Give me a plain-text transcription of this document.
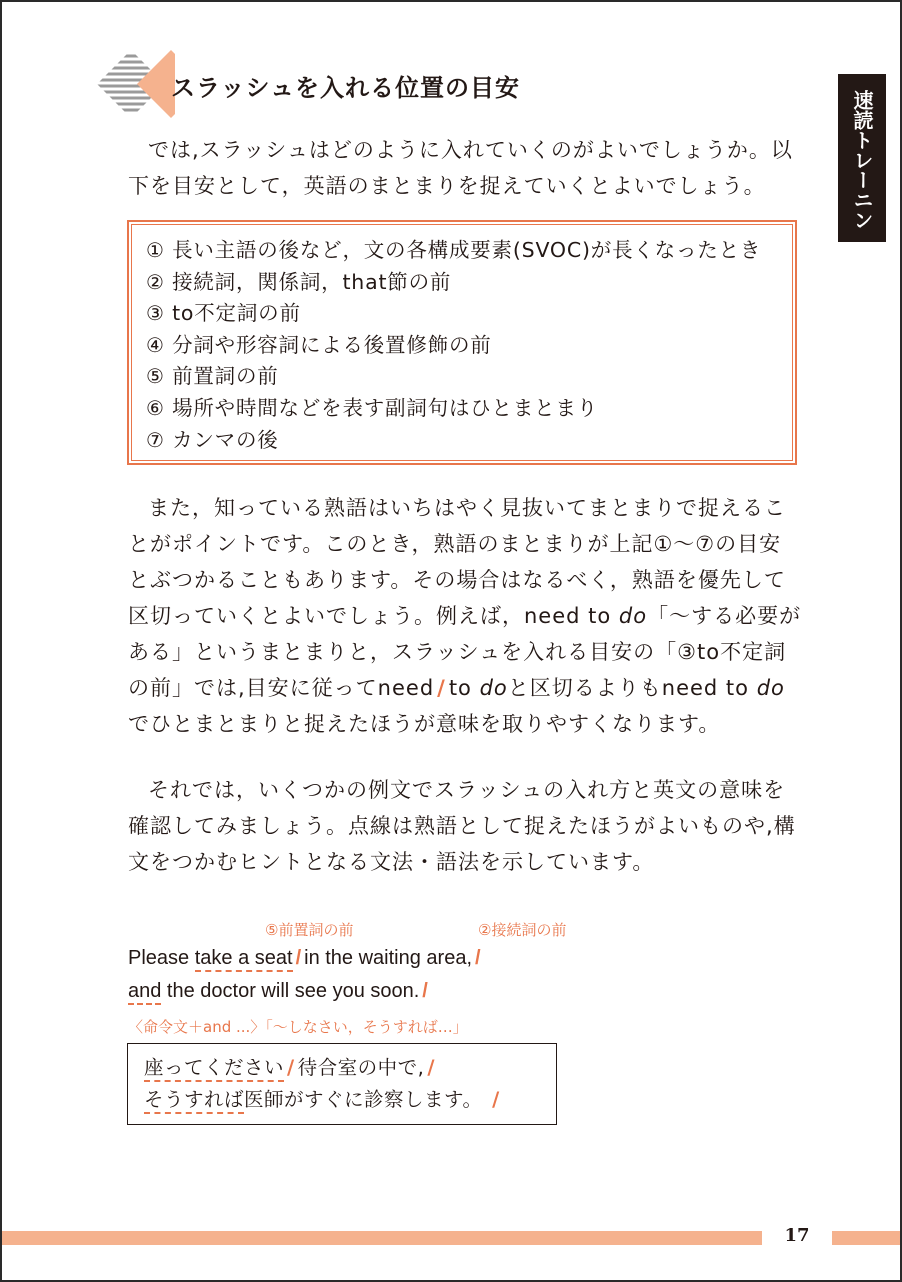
スラッシュを入れる位置の目安
速読トレーニング
では,スラッシュはどのように入れていくのがよいでしょうか。以
下を目安として，英語のまとまりを捉えていくとよいでしょう。
① 長い主語の後など，文の各構成要素(SVOC)が長くなったとき
② 接続詞，関係詞，that節の前
③ to不定詞の前
④ 分詞や形容詞による後置修飾の前
⑤ 前置詞の前
⑥ 場所や時間などを表す副詞句はひとまとまり
⑦ カンマの後
また，知っている熟語はいちはやく見抜いてまとまりで捉えるこ
とがポイントです。このとき，熟語のまとまりが上記①〜⑦の目安
とぶつかることもあります。その場合はなるべく，熟語を優先して
区切っていくとよいでしょう。例えば，need to do「〜する必要が
ある」というまとまりと，スラッシュを入れる目安の「③to不定詞
の前」では,目安に従ってneed / to doと区切るよりもneed to do
でひとまとまりと捉えたほうが意味を取りやすくなります。
それでは，いくつかの例文でスラッシュの入れ方と英文の意味を
確認してみましょう。点線は熟語として捉えたほうがよいものや,構
文をつかむヒントとなる文法・語法を示しています。
⑤前置詞の前	②接続詞の前
Please take a seat / in the waiting area, /
and the doctor will see you soon. /
〈命令文＋and ...〉「〜しなさい，そうすれば…」
座ってください / 待合室の中で, /
そうすれば医師がすぐに診察します。 /
17
